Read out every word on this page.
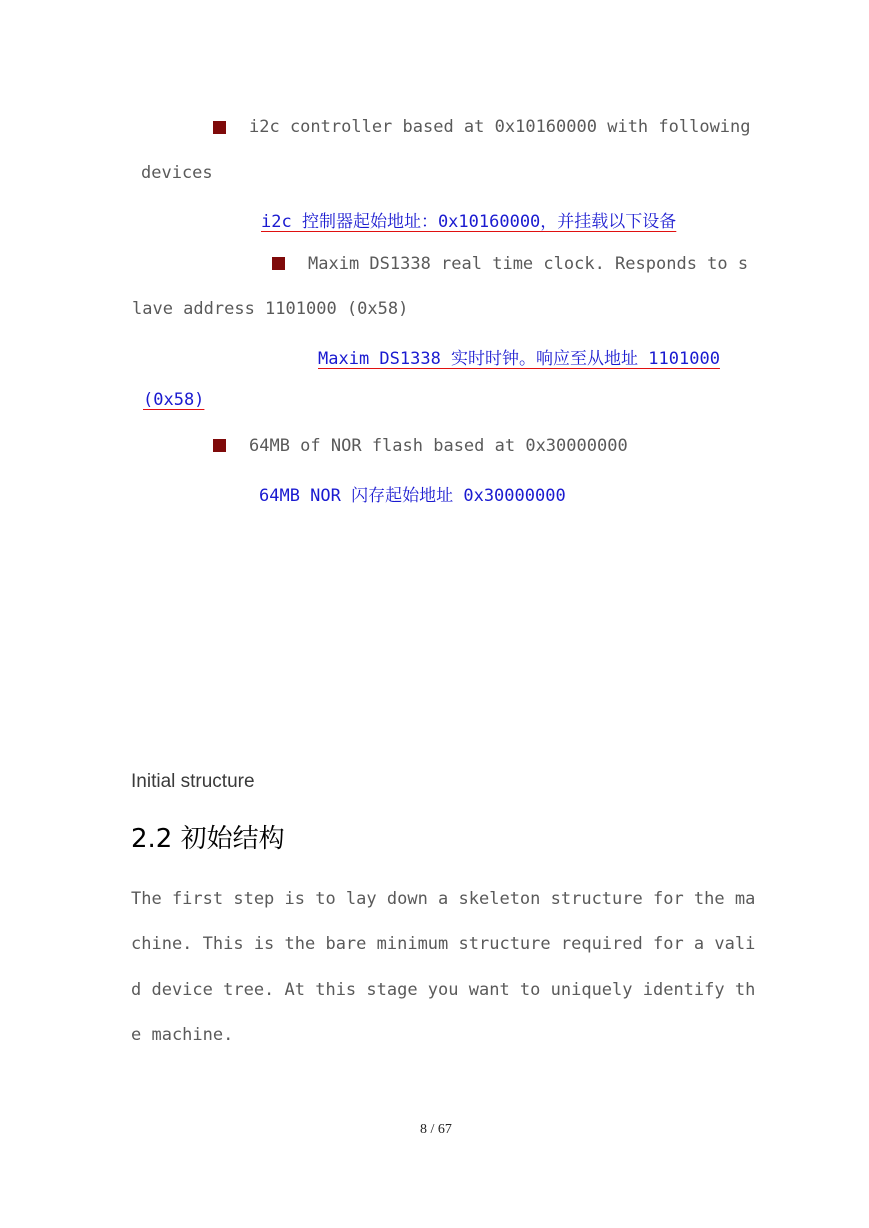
i2c controller based at 0x10160000 with following
devices
i2c 控制器起始地址：0x10160000，并挂载以下设备
Maxim DS1338 real time clock. Responds to s
lave address 1101000 (0x58)
Maxim DS1338 实时时钟。响应至从地址 1101000
(0x58)
64MB of NOR flash based at 0x30000000
64MB NOR 闪存起始地址 0x30000000
Initial structure
2.2 初始结构
The first step is to lay down a skeleton structure for the ma
chine. This is the bare minimum structure required for a vali
d device tree. At this stage you want to uniquely identify th
e machine.
8 / 67
